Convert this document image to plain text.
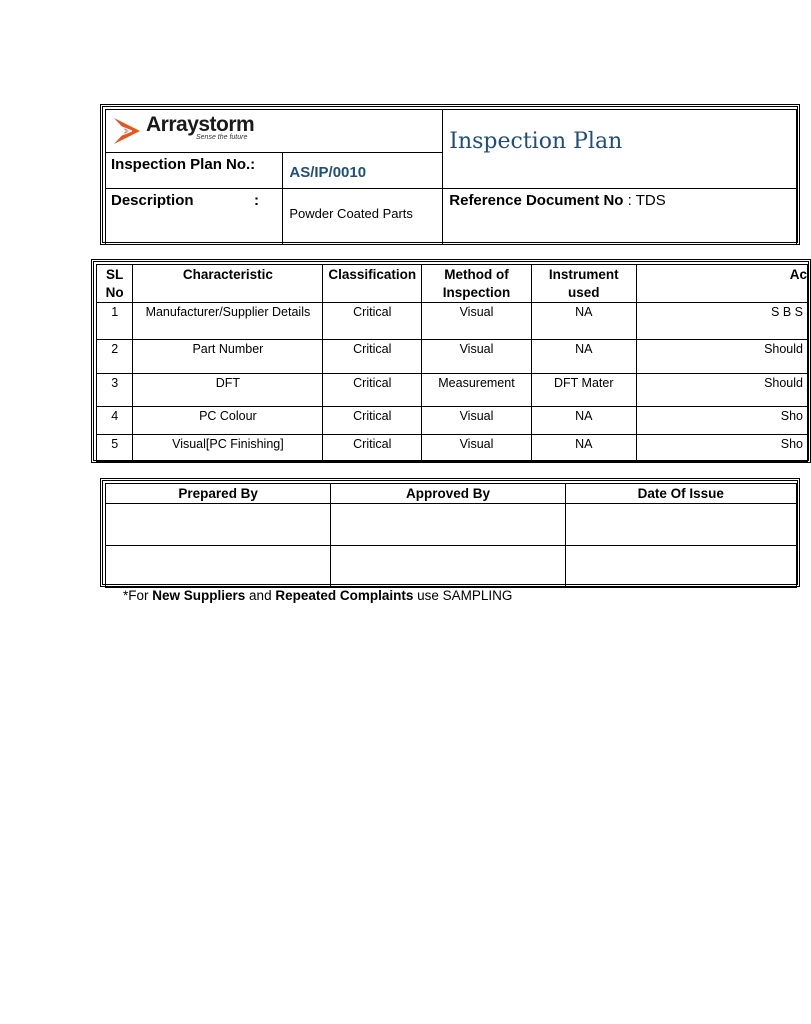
Arraystorm
Sense the future		Inspection Plan

Inspection Plan No.:	AS/IP/0010	

Description :	Powder Coated Parts	Reference Document No : TDS
SL No	Characteristic	Classification	Method of Inspection	Instrument used	Ac
1	Manufacturer/Supplier Details	Critical	Visual	NA	S B S
2	Part Number	Critical	Visual	NA	Should
3	DFT	Critical	Measurement	DFT Mater	Should
4	PC Colour	Critical	Visual	NA	Sho
5	Visual[PC Finishing]	Critical	Visual	NA	Sho
Prepared By	Approved By	Date Of Issue

*For New Suppliers and Repeated Complaints use SAMPLING
